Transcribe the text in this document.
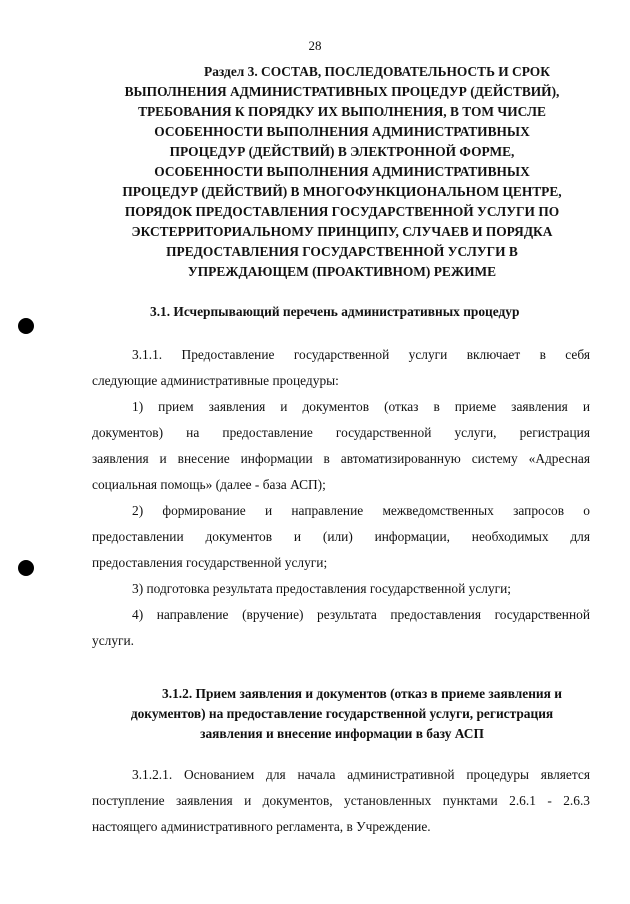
28
Раздел 3. СОСТАВ, ПОСЛЕДОВАТЕЛЬНОСТЬ И СРОК
ВЫПОЛНЕНИЯ АДМИНИСТРАТИВНЫХ ПРОЦЕДУР (ДЕЙСТВИЙ),
ТРЕБОВАНИЯ К ПОРЯДКУ ИХ ВЫПОЛНЕНИЯ, В ТОМ ЧИСЛЕ
ОСОБЕННОСТИ ВЫПОЛНЕНИЯ АДМИНИСТРАТИВНЫХ
ПРОЦЕДУР (ДЕЙСТВИЙ) В ЭЛЕКТРОННОЙ ФОРМЕ,
ОСОБЕННОСТИ ВЫПОЛНЕНИЯ АДМИНИСТРАТИВНЫХ
ПРОЦЕДУР (ДЕЙСТВИЙ) В МНОГОФУНКЦИОНАЛЬНОМ ЦЕНТРЕ,
ПОРЯДОК ПРЕДОСТАВЛЕНИЯ ГОСУДАРСТВЕННОЙ УСЛУГИ ПО
ЭКСТЕРРИТОРИАЛЬНОМУ ПРИНЦИПУ, СЛУЧАЕВ И ПОРЯДКА
ПРЕДОСТАВЛЕНИЯ ГОСУДАРСТВЕННОЙ УСЛУГИ В
УПРЕЖДАЮЩЕМ (ПРОАКТИВНОМ) РЕЖИМЕ
3.1. Исчерпывающий перечень административных процедур
3.1.1. Предоставление государственной услуги включает в себя
следующие административные процедуры:
1) прием заявления и документов (отказ в приеме заявления и
документов) на предоставление государственной услуги, регистрация
заявления и внесение информации в автоматизированную систему «Адресная
социальная помощь» (далее - база АСП);
2) формирование и направление межведомственных запросов о
предоставлении документов и (или) информации, необходимых для
предоставления государственной услуги;
3) подготовка результата предоставления государственной услуги;
4) направление (вручение) результата предоставления государственной
услуги.
3.1.2. Прием заявления и документов (отказ в приеме заявления и
документов) на предоставление государственной услуги, регистрация
заявления и внесение информации в базу АСП
3.1.2.1. Основанием для начала административной процедуры является
поступление заявления и документов, установленных пунктами 2.6.1 - 2.6.3
настоящего административного регламента, в Учреждение.
